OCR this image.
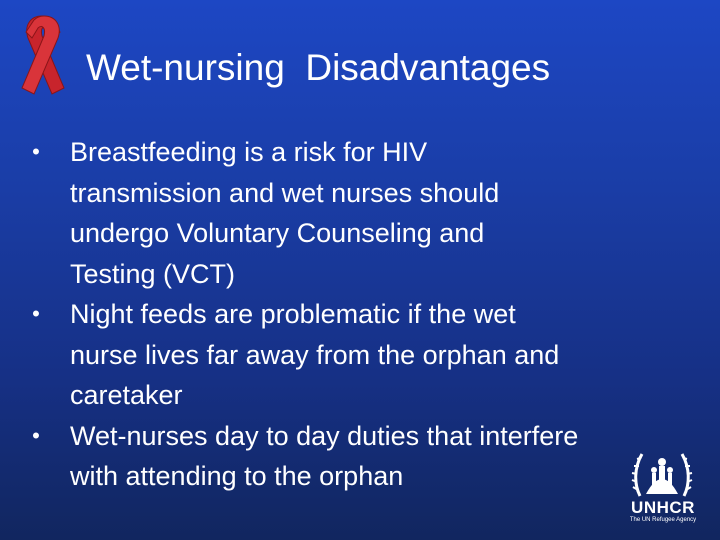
Wet-nursing  Disadvantages
•	Breastfeeding is a risk for HIV
transmission and wet nurses should
undergo Voluntary Counseling and
Testing (VCT)
•	Night feeds are problematic if the wet
nurse lives far away from the orphan and
caretaker
•	Wet-nurses day to day duties that interfere
with attending to the orphan
UNHCR
The UN Refugee Agency
